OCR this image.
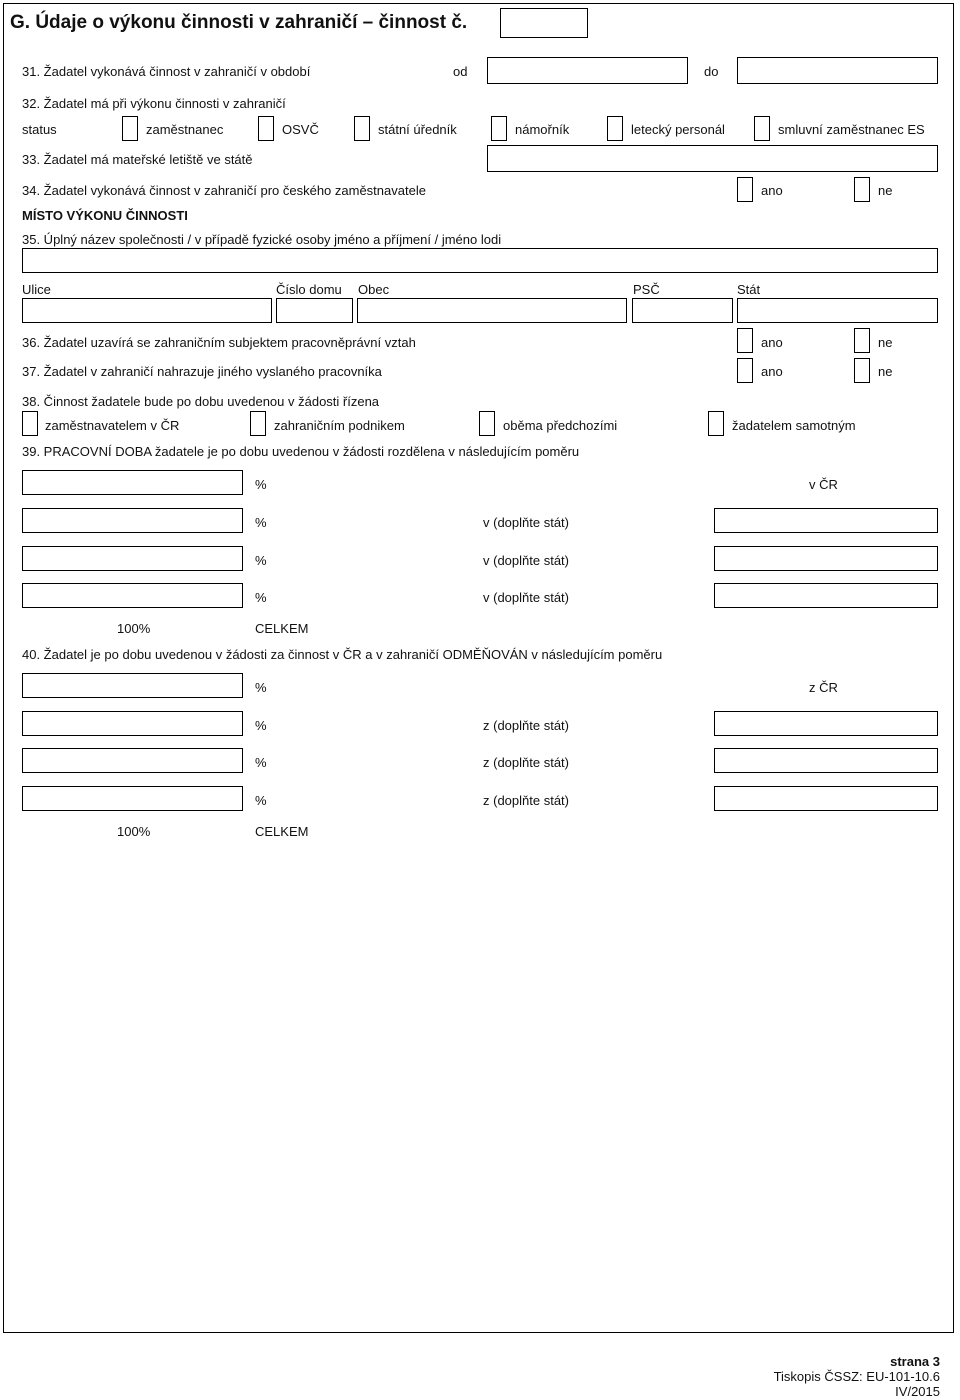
G. Údaje o výkonu činnosti v zahraničí – činnost č.
31. Žadatel vykonává činnost v zahraničí v období	od	do
32. Žadatel má při výkonu činnosti v zahraničí
status	zaměstnanec	OSVČ	státní úředník	námořník	letecký personál	smluvní zaměstnanec ES
33. Žadatel má mateřské letiště ve státě
34. Žadatel vykonává činnost v zahraničí pro českého zaměstnavatele	ano	ne
MÍSTO VÝKONU ČINNOSTI
35. Úplný název společnosti / v případě fyzické osoby jméno a příjmení / jméno lodi
Ulice	Číslo domu Obec	PSČ	Stát
36. Žadatel uzavírá se zahraničním subjektem pracovněprávní vztah	ano	ne
37. Žadatel v zahraničí nahrazuje jiného vyslaného pracovníka	ano	ne
38. Činnost žadatele bude po dobu uvedenou v žádosti řízena
zaměstnavatelem v ČR	zahraničním podnikem	oběma předchozími	žadatelem samotným
39. PRACOVNÍ DOBA žadatele je po dobu uvedenou v žádosti rozdělena v následujícím poměru
%	v ČR
%	v (doplňte stát)
%	v (doplňte stát)
%	v (doplňte stát)
100%	CELKEM
40. Žadatel je po dobu uvedenou v žádosti za činnost v ČR a v zahraničí ODMĚŇOVÁN v následujícím poměru
%	z ČR
%	z (doplňte stát)
%	z (doplňte stát)
%	z (doplňte stát)
100%	CELKEM
strana 3
Tiskopis ČSSZ: EU-101-10.6
IV/2015
